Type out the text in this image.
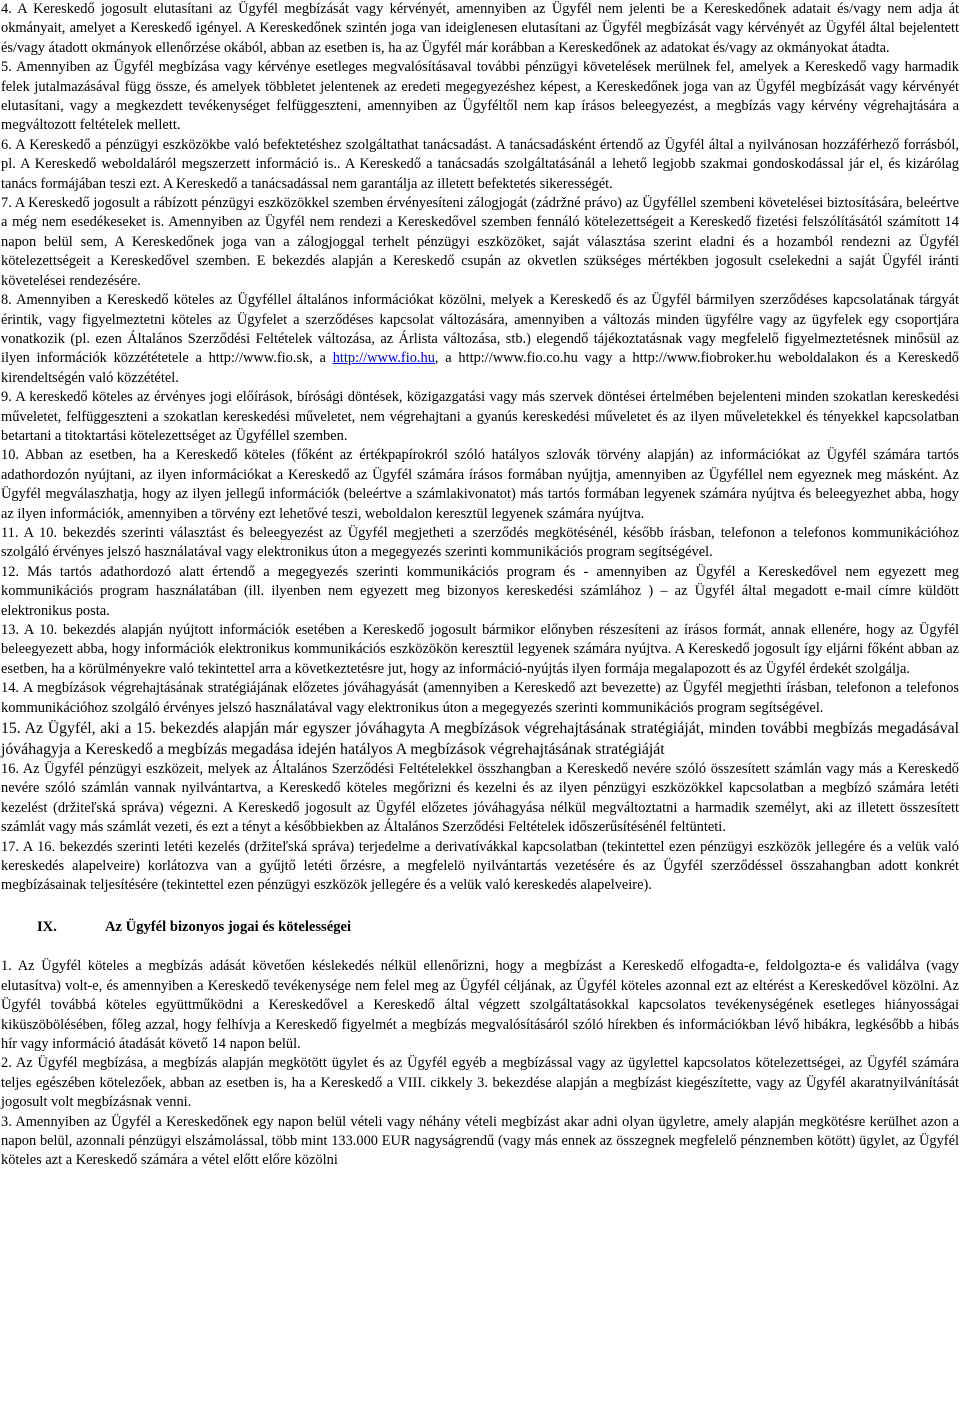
4. A Kereskedő jogosult elutasítani az Ügyfél megbízását vagy kérvényét, amennyiben az Ügyfél nem jelenti be a Kereskedőnek adatait és/vagy nem adja át okmányait, amelyet a Kereskedő igényel. A Kereskedőnek szintén joga van ideiglenesen elutasítani az Ügyfél megbízását vagy kérvényét az Ügyfél által bejelentett és/vagy átadott okmányok ellenőrzése okából, abban az esetben is, ha az Ügyfél már korábban a Kereskedőnek az adatokat és/vagy az okmányokat átadta.

5. Amennyiben az Ügyfél megbízása vagy kérvénye esetleges megvalósításaval további pénzügyi követelések merülnek fel, amelyek a Kereskedő vagy harmadik felek jutalmazásával függ össze, és amelyek többletet jelentenek az eredeti megegyezéshez képest, a Kereskedőnek joga van az Ügyfél megbízását vagy kérvényét elutasítani, vagy a megkezdett tevékenységet felfüggeszteni, amennyiben az Ügyféltől nem kap írásos beleegyezést, a megbízás vagy kérvény végrehajtására a megváltozott feltételek mellett.

6. A Kereskedő a pénzügyi eszközökbe való befektetéshez szolgáltathat tanácsadást. A tanácsadásként értendő az Ügyfél által a nyilvánosan hozzáférhező forrásból, pl. A Kereskedő weboldaláról megszerzett információ is.. A Kereskedő a tanácsadás szolgáltatásánál a lehető legjobb szakmai gondoskodással jár el, és kizárólag tanács formájában teszi ezt. A Kereskedő a tanácsadással nem garantálja az illetett befektetés sikerességét.

7. A Kereskedő jogosult a rábízott pénzügyi eszközökkel szemben érvényesíteni zálogjogát (zádržné právo) az Ügyféllel szembeni követelései biztosítására, beleértve a még nem esedékeseket is. Amennyiben az Ügyfél nem rendezi a Kereskedővel szemben fennáló kötelezettségeit a Kereskedő fizetési felszólításától számított 14 napon belül sem, A Kereskedőnek joga van a zálogjoggal terhelt pénzügyi eszközöket, saját választása szerint eladni és a hozamból rendezni az Ügyfél kötelezettségeit a Kereskedővel szemben. E bekezdés alapján a Kereskedő csupán az okvetlen szükséges mértékben jogosult cselekedni a saját Ügyfél iránti követelései rendezésére.

8. Amennyiben a Kereskedő köteles az Ügyféllel általános információkat közölni, melyek a Kereskedő és az Ügyfél bármilyen szerződéses kapcsolatának tárgyát érintik, vagy figyelmeztetni köteles az Ügyfelet a szerződéses kapcsolat változására, amennyiben a változás minden ügyfélre vagy az ügyfelek egy csoportjára vonatkozik (pl. ezen Általános Szerződési Feltételek változása, az Árlista változása, stb.) elegendő tájékoztatásnak vagy megfelelő figyelmeztetésnek minősül az ilyen információk közzététetele a http://www.fio.sk, a http://www.fio.hu, a http://www.fio.co.hu vagy a http://www.fiobroker.hu weboldalakon és a Kereskedő kirendeltségén való közzététel.

9. A kereskedő köteles az érvényes jogi előírások, bírósági döntések, közigazgatási vagy más szervek döntései értelmében bejelenteni minden szokatlan kereskedési műveletet, felfüggeszteni a szokatlan kereskedési műveletet, nem végrehajtani a gyanús kereskedési műveletet és az ilyen műveletekkel és tényekkel kapcsolatban betartani a titoktartási kötelezettséget az Ügyféllel szemben.

10. Abban az esetben, ha a Kereskedő köteles (főként az értékpapírokról szóló hatályos szlovák törvény alapján) az információkat az Ügyfél számára tartós adathordozón nyújtani, az ilyen információkat a Kereskedő az Ügyfél számára írásos formában nyújtja, amennyiben az Ügyféllel nem egyeznek meg másként. Az Ügyfél megválaszhatja, hogy az ilyen jellegű információk (beleértve a számlakivonatot) más tartós formában legyenek számára nyújtva és beleegyezhet abba, hogy az ilyen információk, amennyiben a törvény ezt lehetővé teszi, weboldalon keresztül legyenek számára nyújtva.

11. A 10. bekezdés szerinti választást és beleegyezést az Ügyfél megjetheti a szerződés megkötésénél, később írásban, telefonon a telefonos kommunikációhoz szolgáló érvényes jelszó használatával vagy elektronikus úton a megegyezés szerinti kommunikációs program segítségével.

12. Más tartós adathordozó alatt értendő a megegyezés szerinti kommunikációs program és - amennyiben az Ügyfél a Kereskedővel nem egyezett meg kommunikációs program használatában (ill. ilyenben nem egyezett meg bizonyos kereskedési számlához ) – az Ügyfél által megadott e-mail címre küldött elektronikus posta.

13. A 10. bekezdés alapján nyújtott információk esetében a Kereskedő jogosult bármikor előnyben részesíteni az írásos formát, annak ellenére, hogy az Ügyfél beleegyezett abba, hogy információk elektronikus kommunikációs eszközökön keresztül legyenek számára nyújtva. A Kereskedő jogosult így eljárni főként abban az esetben, ha a körülményekre való tekintettel arra a következtetésre jut, hogy az információ-nyújtás ilyen formája megalapozott és az Ügyfél érdekét szolgálja.

14. A megbízások végrehajtásának stratégiájának előzetes jóváhagyását (amennyiben a Kereskedő azt bevezette) az Ügyfél megjethti írásban, telefonon a telefonos kommunikációhoz szolgáló érvényes jelszó használatával vagy elektronikus úton a megegyezés szerinti kommunikációs program segítségével.

15. Az Ügyfél, aki a 15. bekezdés alapján már egyszer jóváhagyta A megbízások végrehajtásának stratégiáját, minden további megbízás megadásával jóváhagyja a Kereskedő a megbízás megadása idején hatályos A megbízások végrehajtásának stratégiáját

16. Az Ügyfél pénzügyi eszközeit, melyek az Általános Szerződési Feltételekkel összhangban a Kereskedő nevére szóló összesített számlán vagy más a Kereskedő nevére szóló számlán vannak nyilvántartva, a Kereskedő köteles megőrizni és kezelni és az ilyen pénzügyi eszközökkel kapcsolatban a megbízó számára letéti kezelést (držiteľská správa) végezni. A Kereskedő jogosult az Ügyfél előzetes jóváhagyása nélkül megváltoztatni a harmadik személyt, aki az illetett összesített számlát vagy más számlát vezeti, és ezt a tényt a későbbiekben az Általános Szerződési Feltételek időszerűsítésénél feltünteti.

17. A 16. bekezdés szerinti letéti kezelés (držiteľská správa) terjedelme a derivatívákkal kapcsolatban (tekintettel ezen pénzügyi eszközök jellegére és a velük való kereskedés alapelveire) korlátozva van a gyűjtő letéti őrzésre, a megfelelö nyilvántartás vezetésére és az Ügyfél szerződéssel összahangban adott konkrét megbízásainak teljesítésére (tekintettel ezen pénzügyi eszközök jellegére és a velük való kereskedés alapelveire).

IX.	Az Ügyfél bizonyos jogai és kötelességei

1. Az Ügyfél köteles a megbízás adását követően késlekedés nélkül ellenőrizni, hogy a megbízást a Kereskedő elfogadta-e, feldolgozta-e és validálva (vagy elutasítva) volt-e, és amennyiben a Kereskedő tevékenysége nem felel meg az Ügyfél céljának, az Ügyfél köteles azonnal ezt az eltérést a Kereskedővel közölni. Az Ügyfél továbbá köteles együttműködni a Kereskedővel a Kereskedő által végzett szolgáltatásokkal kapcsolatos tevékenységének esetleges hiányosságai kiküszöbölésében, főleg azzal, hogy felhívja a Kereskedő figyelmét a megbízás megvalósításáról szóló hírekben és információkban lévő hibákra, legkésőbb a hibás hír vagy információ átadását követő 14 napon belül.

2. Az Ügyfél megbízása, a megbízás alapján megkötött ügylet és az Ügyfél egyéb a megbízással vagy az ügylettel kapcsolatos kötelezettségei, az Ügyfél számára teljes egészében kötelezőek, abban az esetben is, ha a Kereskedő a VIII. cikkely 3. bekezdése alapján a megbízást kiegészítette, vagy az Ügyfél akaratnyilvánítását jogosult volt megbízásnak venni.

3. Amennyiben az Ügyfél a Kereskedőnek egy napon belül vételi vagy néhány vételi megbízást akar adni olyan ügyletre, amely alapján megkötésre kerülhet azon a napon belül, azonnali pénzügyi elszámolással, több mint 133.000 EUR nagyságrendű (vagy más ennek az összegnek megfelelő pénznemben kötött) ügylet, az Ügyfél köteles azt a Kereskedő számára a vétel előtt előre közölni
